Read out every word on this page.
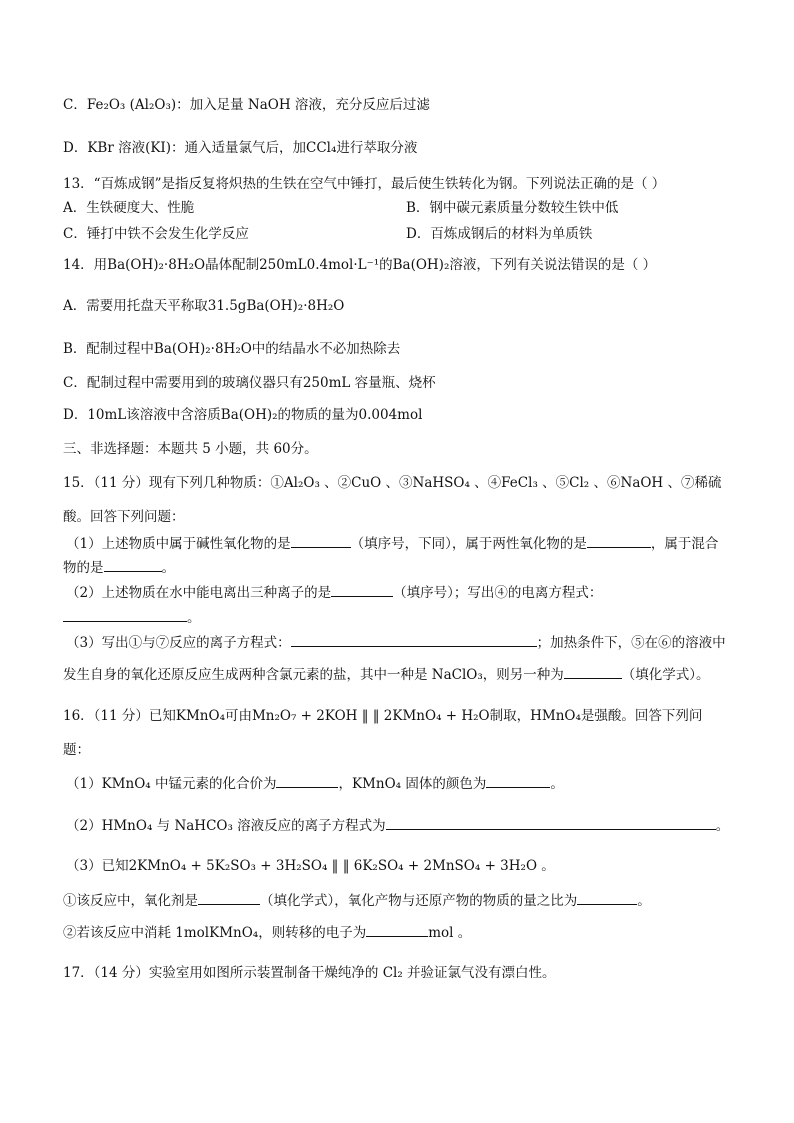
C．Fe₂O₃ (Al₂O₃)：加入足量 NaOH 溶液，充分反应后过滤
D．KBr 溶液(KI)：通入适量氯气后，加CCl₄进行萃取分液
13．“百炼成钢”是指反复将炽热的生铁在空气中锤打，最后使生铁转化为钢。下列说法正确的是（ ）
A．生铁硬度大、性脆	B．钢中碳元素质量分数较生铁中低
C．锤打中铁不会发生化学反应	D．百炼成钢后的材料为单质铁
14．用Ba(OH)₂·8H₂O晶体配制250mL0.4mol·L⁻¹的Ba(OH)₂溶液，下列有关说法错误的是（ ）
A．需要用托盘天平称取31.5gBa(OH)₂·8H₂O
B．配制过程中Ba(OH)₂·8H₂O中的结晶水不必加热除去
C．配制过程中需要用到的玻璃仪器只有250mL 容量瓶、烧杯
D．10mL该溶液中含溶质Ba(OH)₂的物质的量为0.004mol
三、非选择题：本题共 5 小题，共 60分。
15．（11 分）现有下列几种物质：①Al₂O₃ 、②CuO 、③NaHSO₄ 、④FeCl₃ 、⑤Cl₂ 、⑥NaOH 、⑦稀硫
酸。回答下列问题：
（1）上述物质中属于碱性氧化物的是	（填序号，下同），属于两性氧化物的是	，属于混合
物的是	。
（2）上述物质在水中能电离出三种离子的是	（填序号）；写出④的电离方程式：
。
（3）写出①与⑦反应的离子方程式：	；加热条件下，⑤在⑥的溶液中
发生自身的氧化还原反应生成两种含氯元素的盐，其中一种是 NaClO₃，则另一种为	（填化学式）。
16．（11 分）已知KMnO₄可由Mn₂O₇ + 2KOH ‖ ‖ 2KMnO₄ + H₂O制取，HMnO₄是强酸。回答下列问
题：
（1）KMnO₄ 中锰元素的化合价为	，KMnO₄ 固体的颜色为	。
（2）HMnO₄ 与 NaHCO₃ 溶液反应的离子方程式为	。
（3）已知2KMnO₄ + 5K₂SO₃ + 3H₂SO₄ ‖ ‖ 6K₂SO₄ + 2MnSO₄ + 3H₂O 。
①该反应中，氧化剂是	（填化学式），氧化产物与还原产物的物质的量之比为	。
②若该反应中消耗 1molKMnO₄，则转移的电子为	mol 。
17．（14 分）实验室用如图所示装置制备干燥纯净的 Cl₂ 并验证氯气没有漂白性。
